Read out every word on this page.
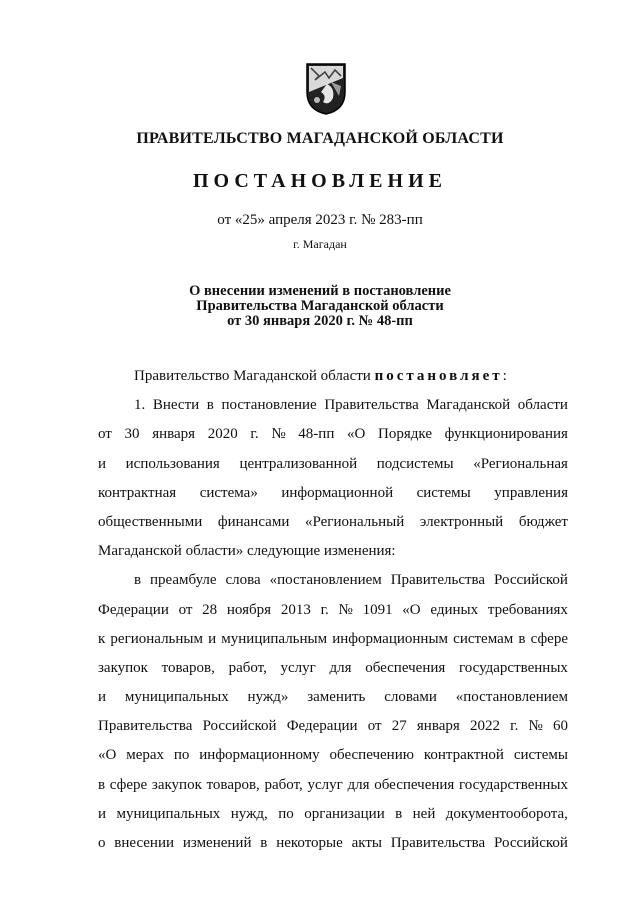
ПРАВИТЕЛЬСТВО МАГАДАНСКОЙ ОБЛАСТИ
ПОСТАНОВЛЕНИЕ
от «25» апреля 2023 г. № 283-пп
г. Магадан
О внесении изменений в постановление
Правительства Магаданской области
от 30 января 2020 г. № 48-пп
Правительство Магаданской области постановляет:
1. Внести в постановление Правительства Магаданской области
от 30 января 2020 г. № 48-пп «О Порядке функционирования
и использования централизованной подсистемы «Региональная
контрактная система» информационной системы управления
общественными финансами «Региональный электронный бюджет
Магаданской области» следующие изменения:
в преамбуле слова «постановлением Правительства Российской
Федерации от 28 ноября 2013 г. № 1091 «О единых требованиях
к региональным и муниципальным информационным системам в сфере
закупок товаров, работ, услуг для обеспечения государственных
и муниципальных нужд» заменить словами «постановлением
Правительства Российской Федерации от 27 января 2022 г. № 60
«О мерах по информационному обеспечению контрактной системы
в сфере закупок товаров, работ, услуг для обеспечения государственных
и муниципальных нужд, по организации в ней документооборота,
о внесении изменений в некоторые акты Правительства Российской
